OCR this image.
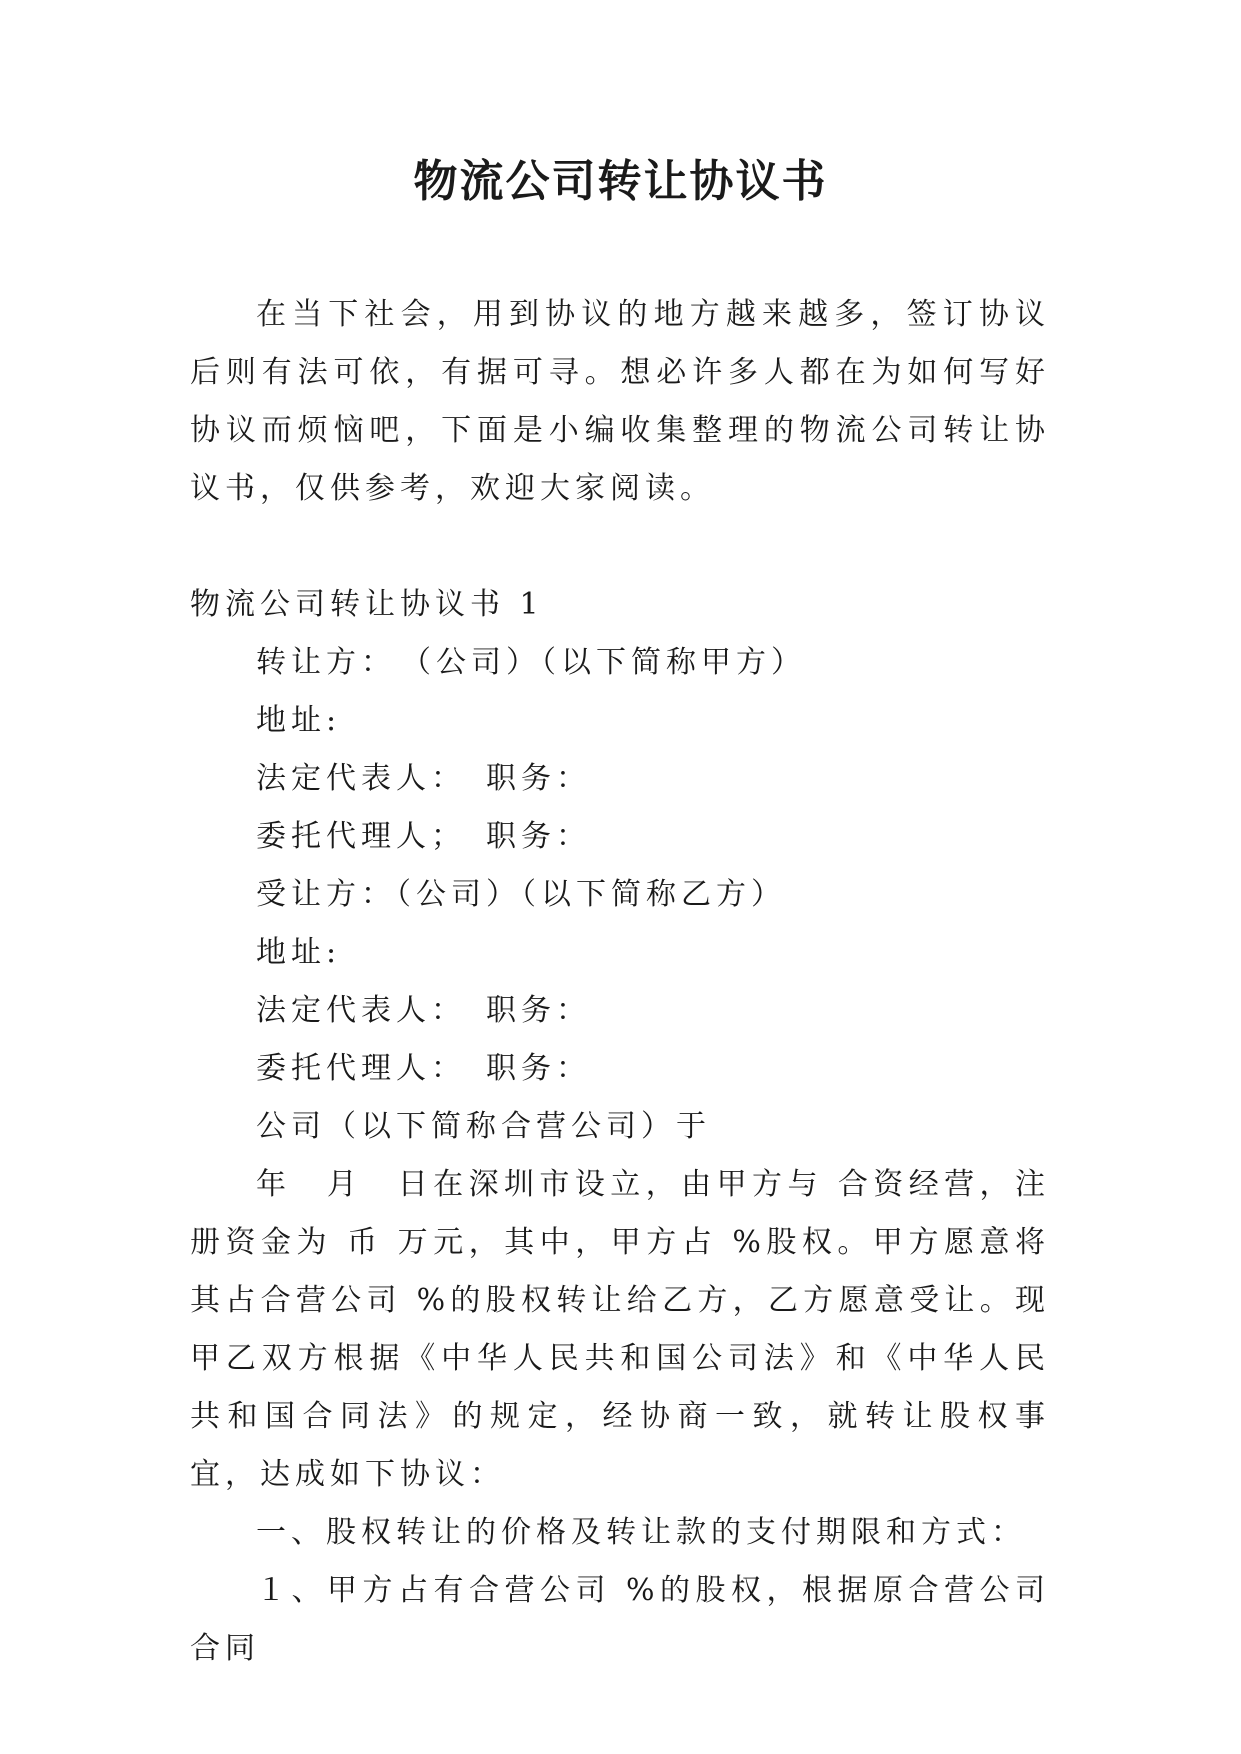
物流公司转让协议书

在当下社会，用到协议的地方越来越多，签订协议后则有法可依，有据可寻。想必许多人都在为如何写好协议而烦恼吧，下面是小编收集整理的物流公司转让协议书，仅供参考，欢迎大家阅读。

物流公司转让协议书 1

转让方：　（公司）（以下简称甲方）

地址:

法定代表人：　职务：

委托代理人；　职务：

受让方：（公司）（以下简称乙方）

地址:

法定代表人：　职务：

委托代理人：　职务：

公司（以下简称合营公司）于

年　月　日在深圳市设立，由甲方与 合资经营，注册资金为 币 万元，其中，甲方占 %股权。甲方愿意将其占合营公司 %的股权转让给乙方，乙方愿意受让。现甲乙双方根据《中华人民共和国公司法》和《中华人民共和国合同法》的规定，经协商一致，就转让股权事宜，达成如下协议：

一、股权转让的价格及转让款的支付期限和方式：

１、甲方占有合营公司 %的股权，根据原合营公司合同
